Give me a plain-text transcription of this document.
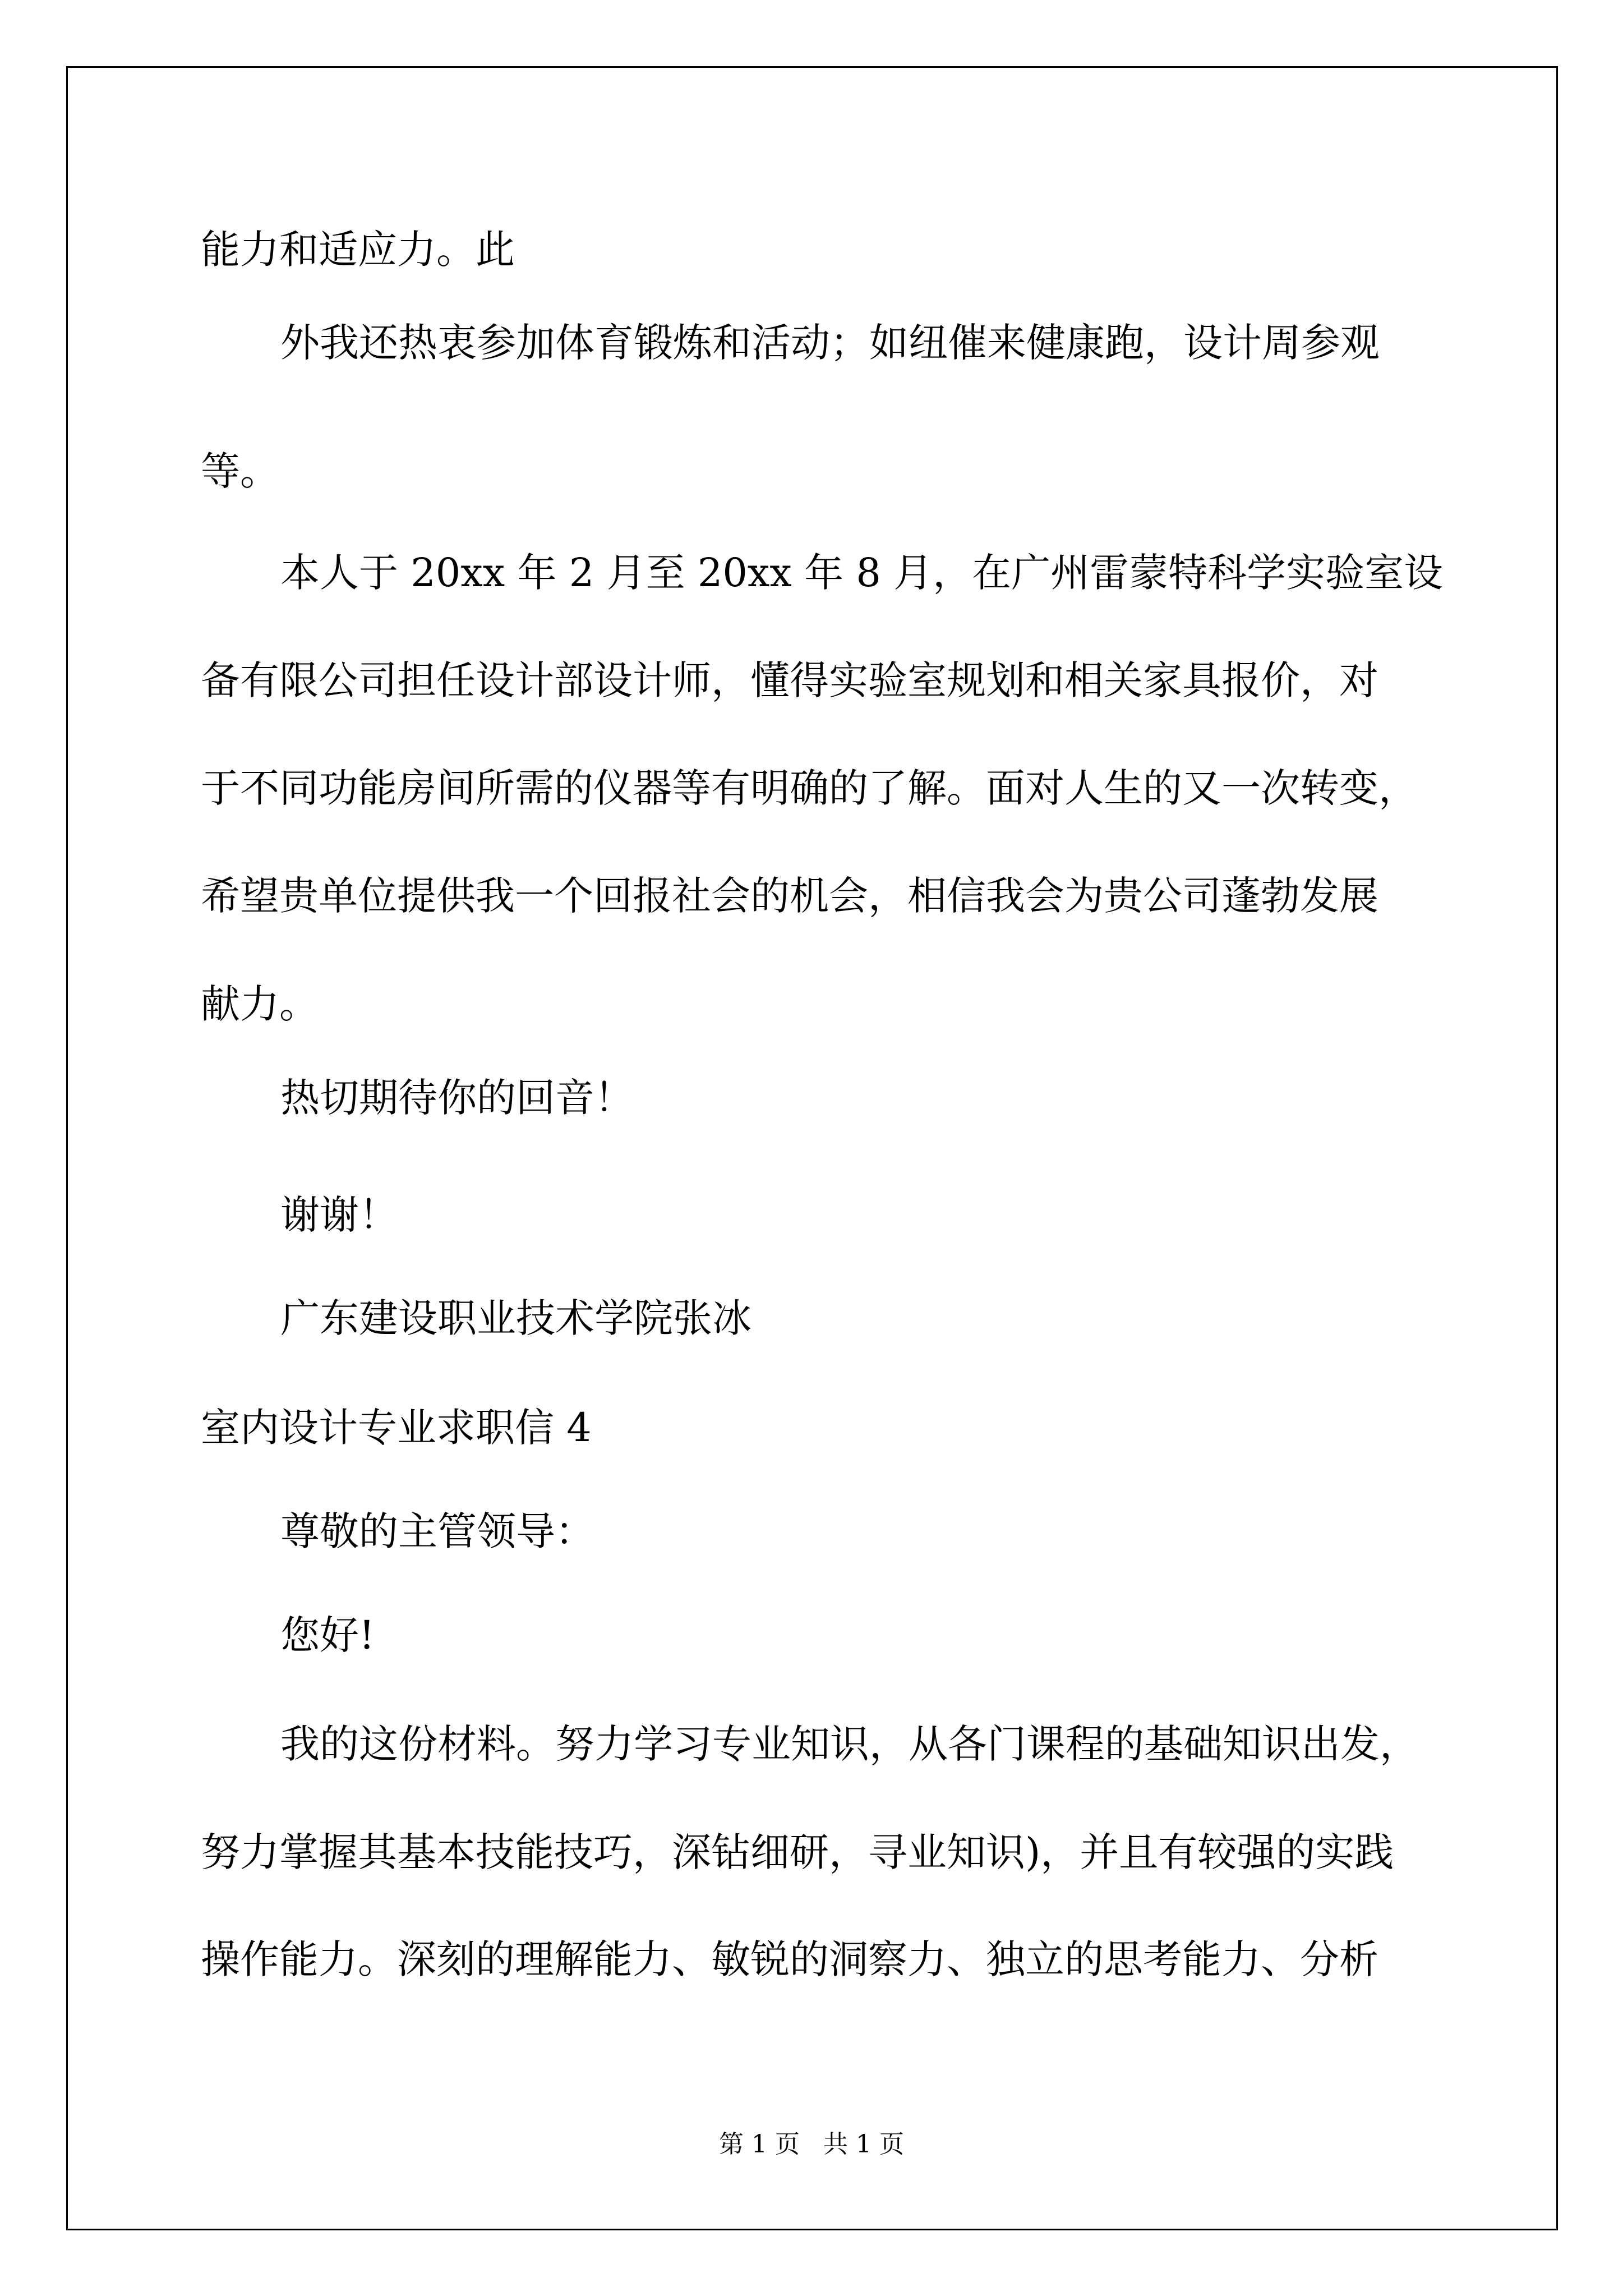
能力和适应力。此

外我还热衷参加体育锻炼和活动；如纽催来健康跑，设计周参观

等。

本人于 20xx 年 2 月至 20xx 年 8 月，在广州雷蒙特科学实验室设

备有限公司担任设计部设计师，懂得实验室规划和相关家具报价，对

于不同功能房间所需的仪器等有明确的了解。面对人生的又一次转变，

希望贵单位提供我一个回报社会的机会，相信我会为贵公司蓬勃发展

献力。

热切期待你的回音！

谢谢！

广东建设职业技术学院张冰

室内设计专业求职信 4

尊敬的主管领导：

您好!

我的这份材料。努力学习专业知识，从各门课程的基础知识出发，

努力掌握其基本技能技巧，深钻细研，寻业知识)，并且有较强的实践

操作能力。深刻的理解能力、敏锐的洞察力、独立的思考能力、分析

第 1 页   共 1 页
